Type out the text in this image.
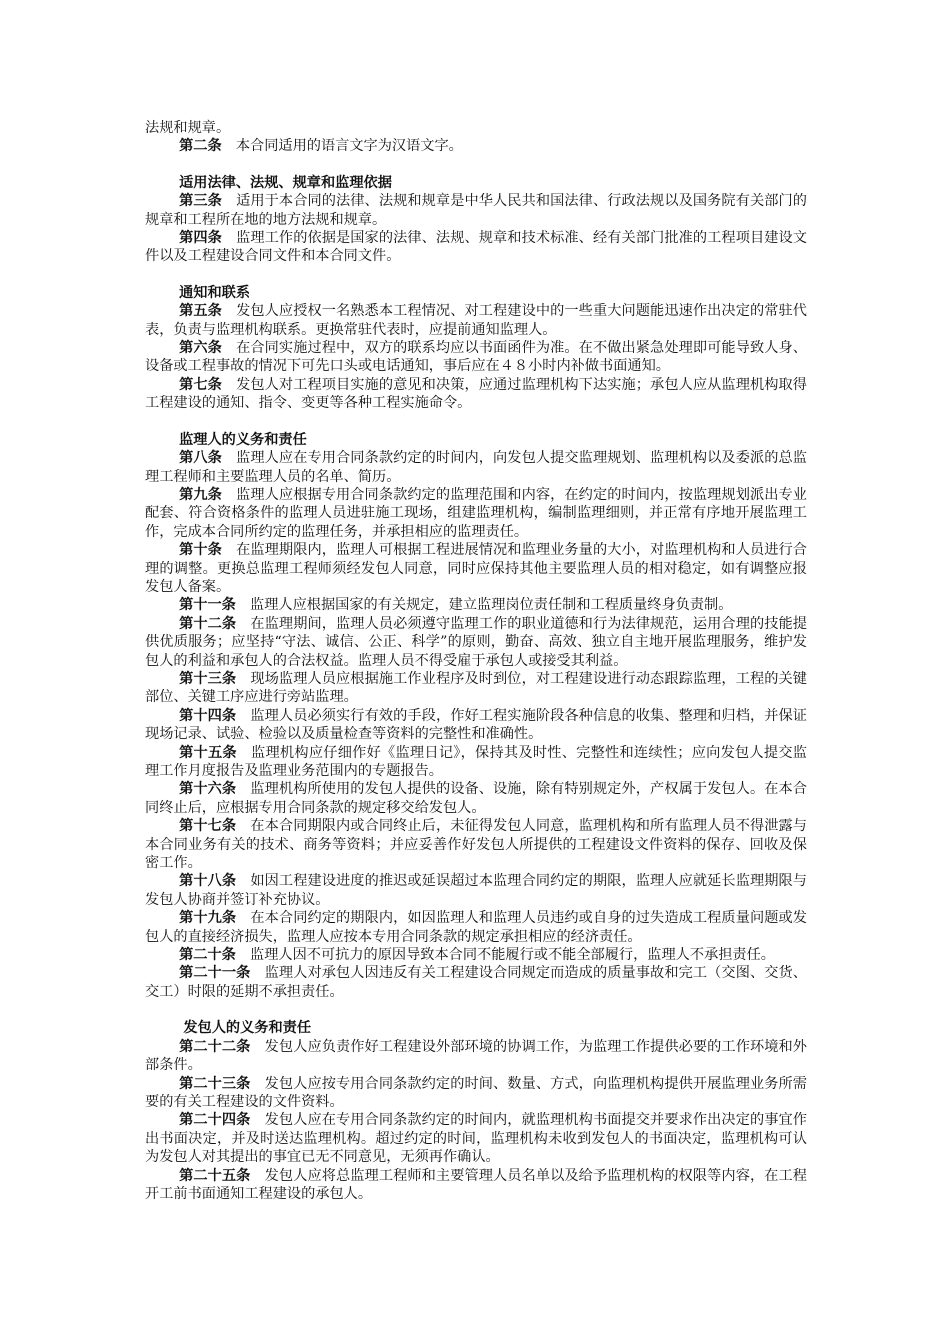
法规和规章。

第二条 本合同适用的语言文字为汉语文字。

适用法律、法规、规章和监理依据

第三条 适用于本合同的法律、法规和规章是中华人民共和国法律、行政法规以及国务院有关部门的规章和工程所在地的地方法规和规章。

第四条 监理工作的依据是国家的法律、法规、规章和技术标准、经有关部门批准的工程项目建设文件以及工程建设合同文件和本合同文件。

通知和联系

第五条 发包人应授权一名熟悉本工程情况、对工程建设中的一些重大问题能迅速作出决定的常驻代表，负责与监理机构联系。更换常驻代表时，应提前通知监理人。

第六条 在合同实施过程中，双方的联系均应以书面函件为准。在不做出紧急处理即可能导致人身、设备或工程事故的情况下可先口头或电话通知，事后应在４８小时内补做书面通知。

第七条 发包人对工程项目实施的意见和决策，应通过监理机构下达实施；承包人应从监理机构取得工程建设的通知、指令、变更等各种工程实施命令。

监理人的义务和责任

第八条 监理人应在专用合同条款约定的时间内，向发包人提交监理规划、监理机构以及委派的总监理工程师和主要监理人员的名单、简历。

第九条 监理人应根据专用合同条款约定的监理范围和内容，在约定的时间内，按监理规划派出专业配套、符合资格条件的监理人员进驻施工现场，组建监理机构，编制监理细则，并正常有序地开展监理工作，完成本合同所约定的监理任务，并承担相应的监理责任。

第十条 在监理期限内，监理人可根据工程进展情况和监理业务量的大小，对监理机构和人员进行合理的调整。更换总监理工程师须经发包人同意，同时应保持其他主要监理人员的相对稳定，如有调整应报发包人备案。

第十一条 监理人应根据国家的有关规定，建立监理岗位责任制和工程质量终身负责制。

第十二条 在监理期间，监理人员必须遵守监理工作的职业道德和行为法律规范，运用合理的技能提供优质服务；应坚持“守法、诚信、公正、科学”的原则，勤奋、高效、独立自主地开展监理服务，维护发包人的利益和承包人的合法权益。监理人员不得受雇于承包人或接受其利益。

第十三条 现场监理人员应根据施工作业程序及时到位，对工程建设进行动态跟踪监理，工程的关键部位、关键工序应进行旁站监理。

第十四条 监理人员必须实行有效的手段，作好工程实施阶段各种信息的收集、整理和归档，并保证现场记录、试验、检验以及质量检查等资料的完整性和准确性。

第十五条 监理机构应仔细作好《监理日记》，保持其及时性、完整性和连续性；应向发包人提交监理工作月度报告及监理业务范围内的专题报告。

第十六条 监理机构所使用的发包人提供的设备、设施，除有特别规定外，产权属于发包人。在本合同终止后，应根据专用合同条款的规定移交给发包人。

第十七条 在本合同期限内或合同终止后，未征得发包人同意，监理机构和所有监理人员不得泄露与本合同业务有关的技术、商务等资料；并应妥善作好发包人所提供的工程建设文件资料的保存、回收及保密工作。

第十八条 如因工程建设进度的推迟或延误超过本监理合同约定的期限，监理人应就延长监理期限与发包人协商并签订补充协议。

第十九条 在本合同约定的期限内，如因监理人和监理人员违约或自身的过失造成工程质量问题或发包人的直接经济损失，监理人应按本专用合同条款的规定承担相应的经济责任。

第二十条 监理人因不可抗力的原因导致本合同不能履行或不能全部履行，监理人不承担责任。

第二十一条 监理人对承包人因违反有关工程建设合同规定而造成的质量事故和完工（交图、交货、交工）时限的延期不承担责任。

发包人的义务和责任

第二十二条 发包人应负责作好工程建设外部环境的协调工作，为监理工作提供必要的工作环境和外部条件。

第二十三条 发包人应按专用合同条款约定的时间、数量、方式，向监理机构提供开展监理业务所需要的有关工程建设的文件资料。

第二十四条 发包人应在专用合同条款约定的时间内，就监理机构书面提交并要求作出决定的事宜作出书面决定，并及时送达监理机构。超过约定的时间，监理机构未收到发包人的书面决定，监理机构可认为发包人对其提出的事宜已无不同意见，无须再作确认。

第二十五条 发包人应将总监理工程师和主要管理人员名单以及给予监理机构的权限等内容，在工程开工前书面通知工程建设的承包人。
